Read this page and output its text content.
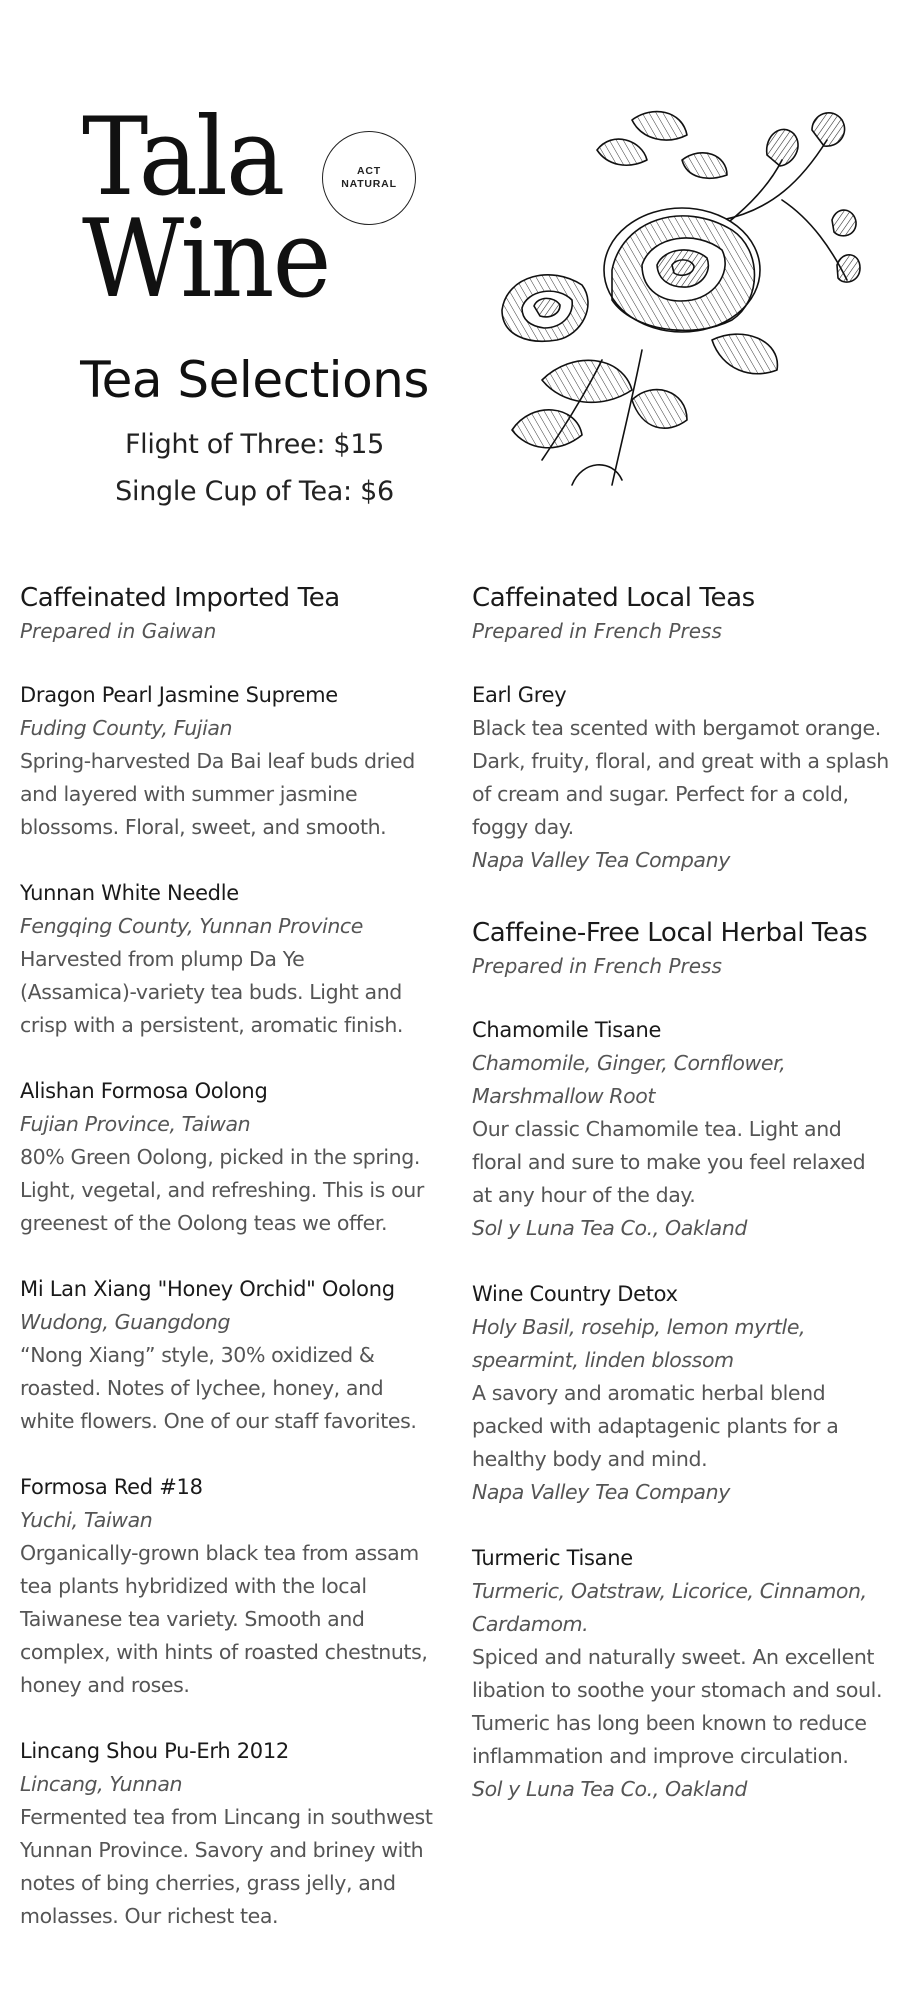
Tala
Wine
ACT
NATURAL
Tea Selections
Flight of Three: $15
Single Cup of Tea: $6
Caffeinated Imported Tea
Prepared in Gaiwan
Dragon Pearl Jasmine Supreme
Fuding County, Fujian
Spring-harvested Da Bai leaf buds dried
and layered with summer jasmine
blossoms. Floral, sweet, and smooth.
Yunnan White Needle
Fengqing County, Yunnan Province
Harvested from plump Da Ye
(Assamica)-variety tea buds. Light and
crisp with a persistent, aromatic finish.
Alishan Formosa Oolong
Fujian Province, Taiwan
80% Green Oolong, picked in the spring.
Light, vegetal, and refreshing. This is our
greenest of the Oolong teas we offer.
Mi Lan Xiang "Honey Orchid" Oolong
Wudong, Guangdong
“Nong Xiang” style, 30% oxidized &
roasted. Notes of lychee, honey, and
white flowers. One of our staff favorites.
Formosa Red #18
Yuchi, Taiwan
Organically-grown black tea from assam
tea plants hybridized with the local
Taiwanese tea variety. Smooth and
complex, with hints of roasted chestnuts,
honey and roses.
Lincang Shou Pu-Erh 2012
Lincang, Yunnan
Fermented tea from Lincang in southwest
Yunnan Province. Savory and briney with
notes of bing cherries, grass jelly, and
molasses. Our richest tea.
Caffeinated Local Teas
Prepared in French Press
Earl Grey
Black tea scented with bergamot orange.
Dark, fruity, floral, and great with a splash
of cream and sugar. Perfect for a cold,
foggy day.
Napa Valley Tea Company
Caffeine-Free Local Herbal Teas
Prepared in French Press
Chamomile Tisane
Chamomile, Ginger, Cornflower,
Marshmallow Root
Our classic Chamomile tea. Light and
floral and sure to make you feel relaxed
at any hour of the day.
Sol y Luna Tea Co., Oakland
Wine Country Detox
Holy Basil, rosehip, lemon myrtle,
spearmint, linden blossom
A savory and aromatic herbal blend
packed with adaptagenic plants for a
healthy body and mind.
Napa Valley Tea Company
Turmeric Tisane
Turmeric, Oatstraw, Licorice, Cinnamon,
Cardamom.
Spiced and naturally sweet. An excellent
libation to soothe your stomach and soul.
Tumeric has long been known to reduce
inflammation and improve circulation.
Sol y Luna Tea Co., Oakland
